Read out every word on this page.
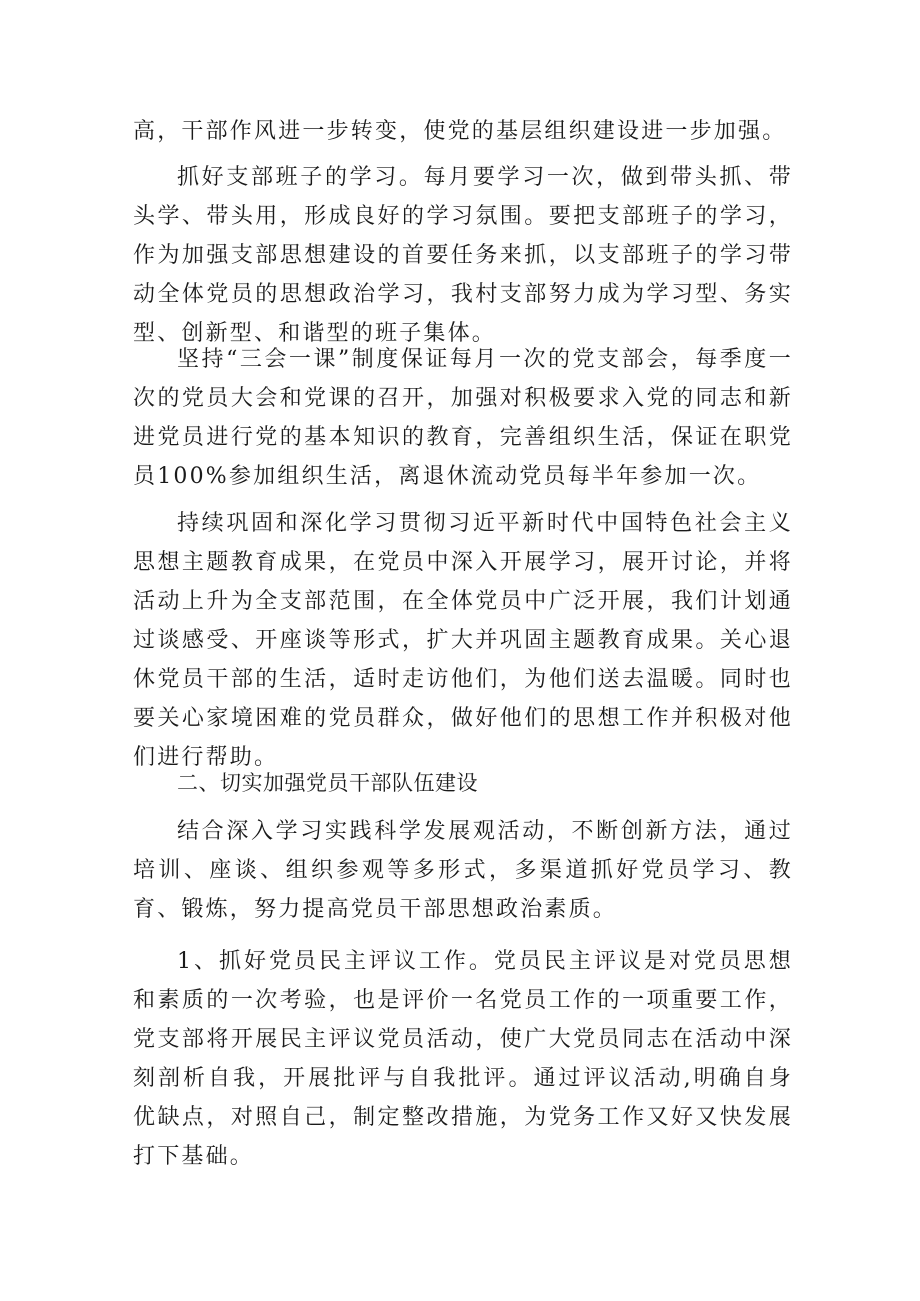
高，干部作风进一步转变，使党的基层组织建设进一步加强。

抓好支部班子的学习。每月要学习一次，做到带头抓、带头学、带头用，形成良好的学习氛围。要把支部班子的学习，作为加强支部思想建设的首要任务来抓，以支部班子的学习带动全体党员的思想政治学习，我村支部努力成为学习型、务实型、创新型、和谐型的班子集体。

坚持“三会一课”制度保证每月一次的党支部会，每季度一次的党员大会和党课的召开，加强对积极要求入党的同志和新进党员进行党的基本知识的教育，完善组织生活，保证在职党员100%参加组织生活，离退休流动党员每半年参加一次。

持续巩固和深化学习贯彻习近平新时代中国特色社会主义思想主题教育成果，在党员中深入开展学习，展开讨论，并将活动上升为全支部范围，在全体党员中广泛开展，我们计划通过谈感受、开座谈等形式，扩大并巩固主题教育成果。关心退休党员干部的生活，适时走访他们，为他们送去温暖。同时也要关心家境困难的党员群众，做好他们的思想工作并积极对他们进行帮助。

二、切实加强党员干部队伍建设

结合深入学习实践科学发展观活动，不断创新方法，通过培训、座谈、组织参观等多形式，多渠道抓好党员学习、教育、锻炼，努力提高党员干部思想政治素质。

1、抓好党员民主评议工作。党员民主评议是对党员思想和素质的一次考验，也是评价一名党员工作的一项重要工作，党支部将开展民主评议党员活动，使广大党员同志在活动中深刻剖析自我，开展批评与自我批评。通过评议活动,明确自身优缺点，对照自己，制定整改措施，为党务工作又好又快发展打下基础。
